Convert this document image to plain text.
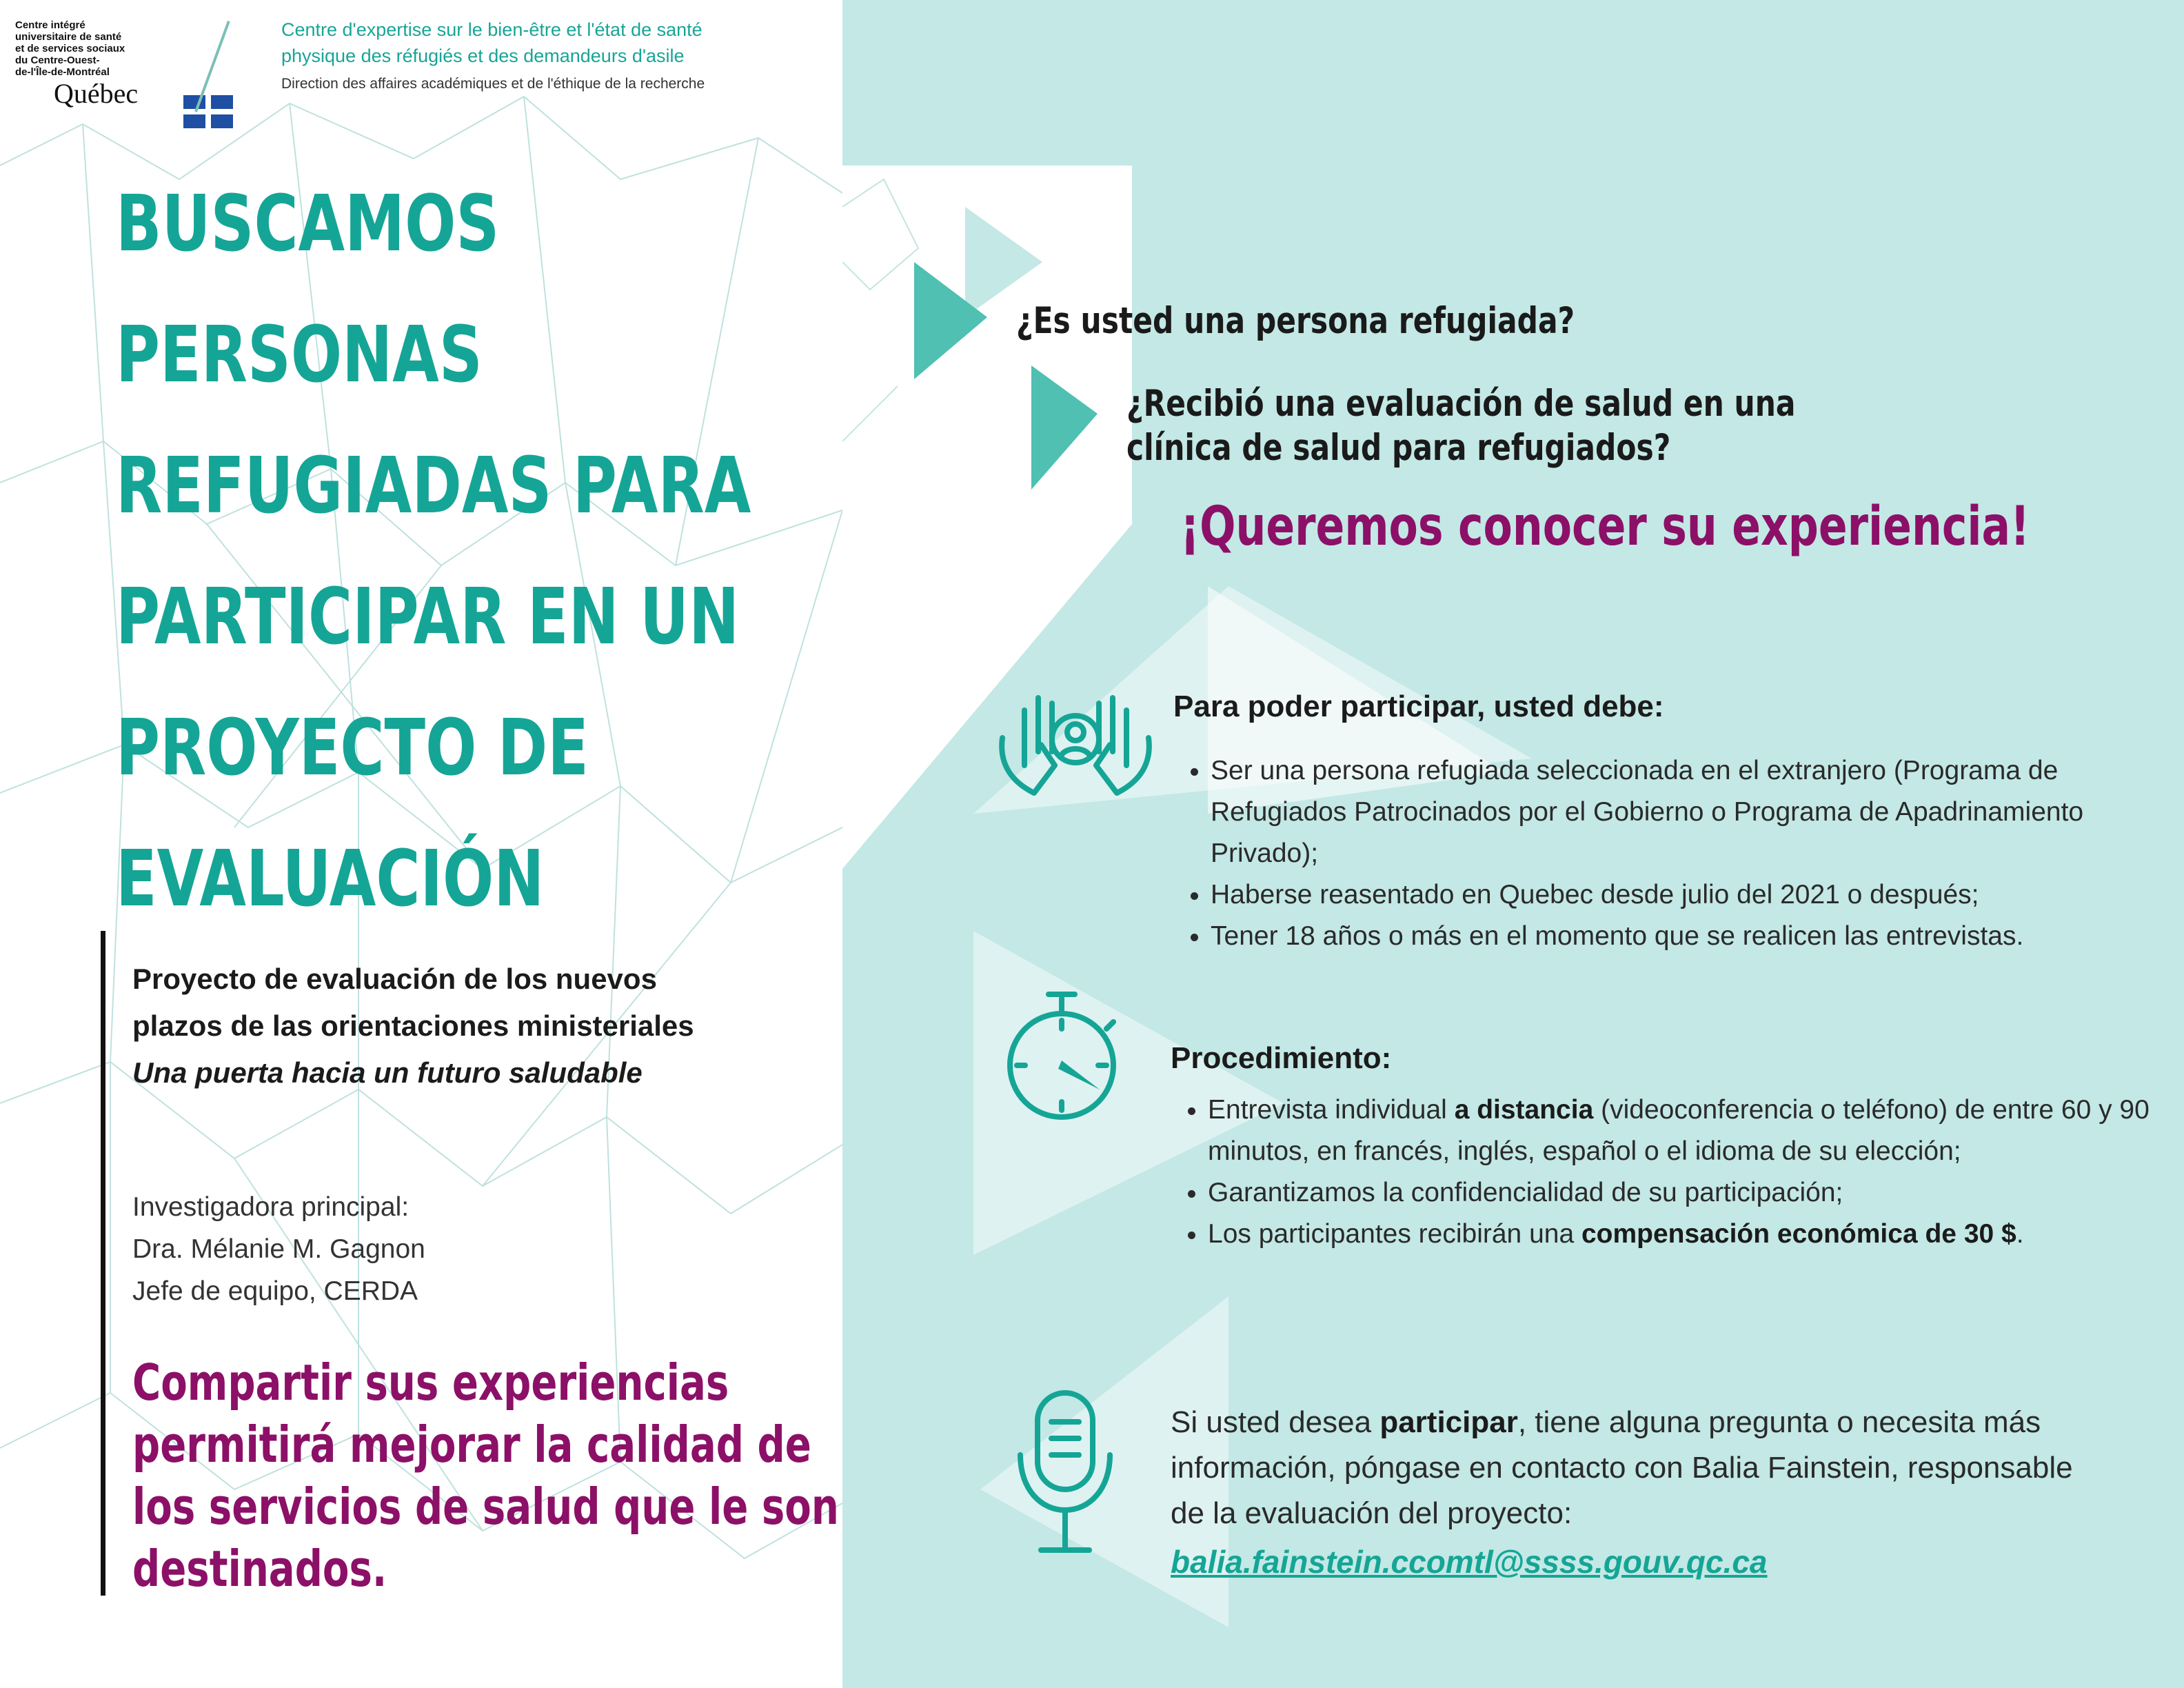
Centre intégré
universitaire de santé
et de services sociaux
du Centre-Ouest-
de-l'Île-de-Montréal
Québec
Centre d'expertise sur le bien-être et l'état de santé
physique des réfugiés et des demandeurs d'asile
Direction des affaires académiques et de l'éthique de la recherche
BUSCAMOS
PERSONAS
REFUGIADAS PARA
PARTICIPAR EN UN
PROYECTO DE
EVALUACIÓN

Proyecto de evaluación de los nuevos plazos de las orientaciones ministeriales Una puerta hacia un futuro saludable

Investigadora principal:
Dra. Mélanie M. Gagnon
Jefe de equipo, CERDA

Compartir sus experiencias
permitirá mejorar la calidad de
los servicios de salud que le son
destinados.

¿Es usted una persona refugiada?

¿Recibió una evaluación de salud en una
clínica de salud para refugiados?

¡Queremos conocer su experiencia!

Para poder participar, usted debe:

• Ser una persona refugiada seleccionada en el extranjero (Programa de Refugiados Patrocinados por el Gobierno o Programa de Apadrinamiento Privado);
• Haberse reasentado en Quebec desde julio del 2021 o después;
• Tener 18 años o más en el momento que se realicen las entrevistas.

Procedimiento:

• Entrevista individual a distancia (videoconferencia o teléfono) de entre 60 y 90 minutos, en francés, inglés, español o el idioma de su elección;
• Garantizamos la confidencialidad de su participación;
• Los participantes recibirán una compensación económica de 30 $.

Si usted desea participar, tiene alguna pregunta o necesita más información, póngase en contacto con Balia Fainstein, responsable de la evaluación del proyecto:

balia.fainstein.ccomtl@ssss.gouv.qc.ca
